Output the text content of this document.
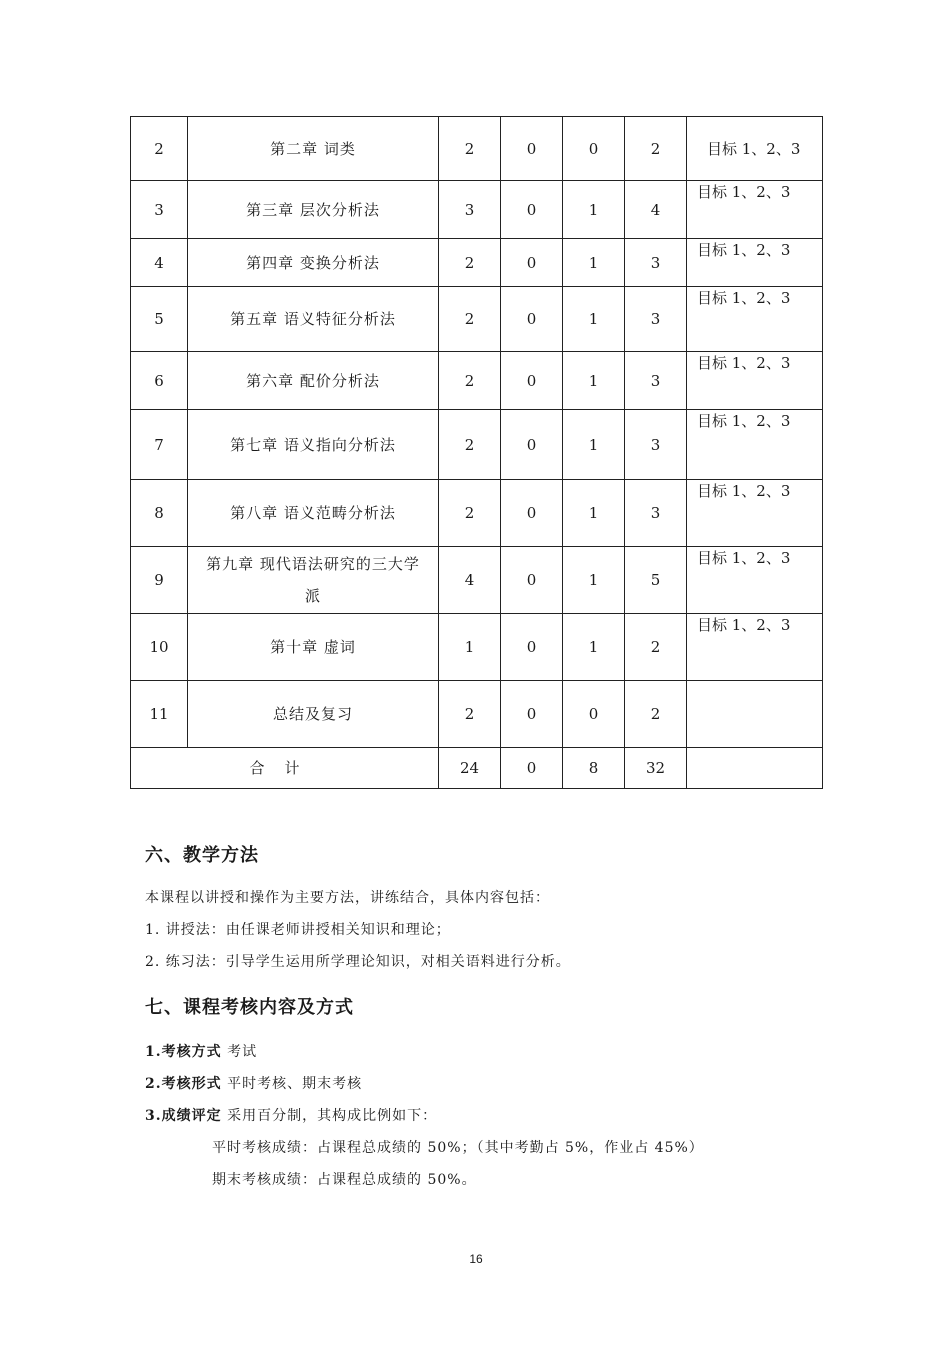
2	第二章 词类	2	0	0	2	目标 1、2、3
3	第三章 层次分析法	3	0	1	4	目标 1、2、3
4	第四章 变换分析法	2	0	1	3	目标 1、2、3
5	第五章 语义特征分析法	2	0	1	3	目标 1、2、3
6	第六章 配价分析法	2	0	1	3	目标 1、2、3
7	第七章 语义指向分析法	2	0	1	3	目标 1、2、3
8	第八章 语义范畴分析法	2	0	1	3	目标 1、2、3
9	第九章 现代语法研究的三大学派	4	0	1	5	目标 1、2、3
10	第十章 虚词	1	0	1	2	目标 1、2、3
11	总结及复习	2	0	0	2	
合计		24	0	8	32	
六、教学方法
本课程以讲授和操作为主要方法，讲练结合，具体内容包括：
1. 讲授法：由任课老师讲授相关知识和理论；
2. 练习法：引导学生运用所学理论知识，对相关语料进行分析。
七、课程考核内容及方式
1.考核方式 考试
2.考核形式 平时考核、期末考核
3.成绩评定 采用百分制，其构成比例如下：
平时考核成绩：占课程总成绩的 50%；（其中考勤占 5%，作业占 45%）
期末考核成绩：占课程总成绩的 50%。
16
